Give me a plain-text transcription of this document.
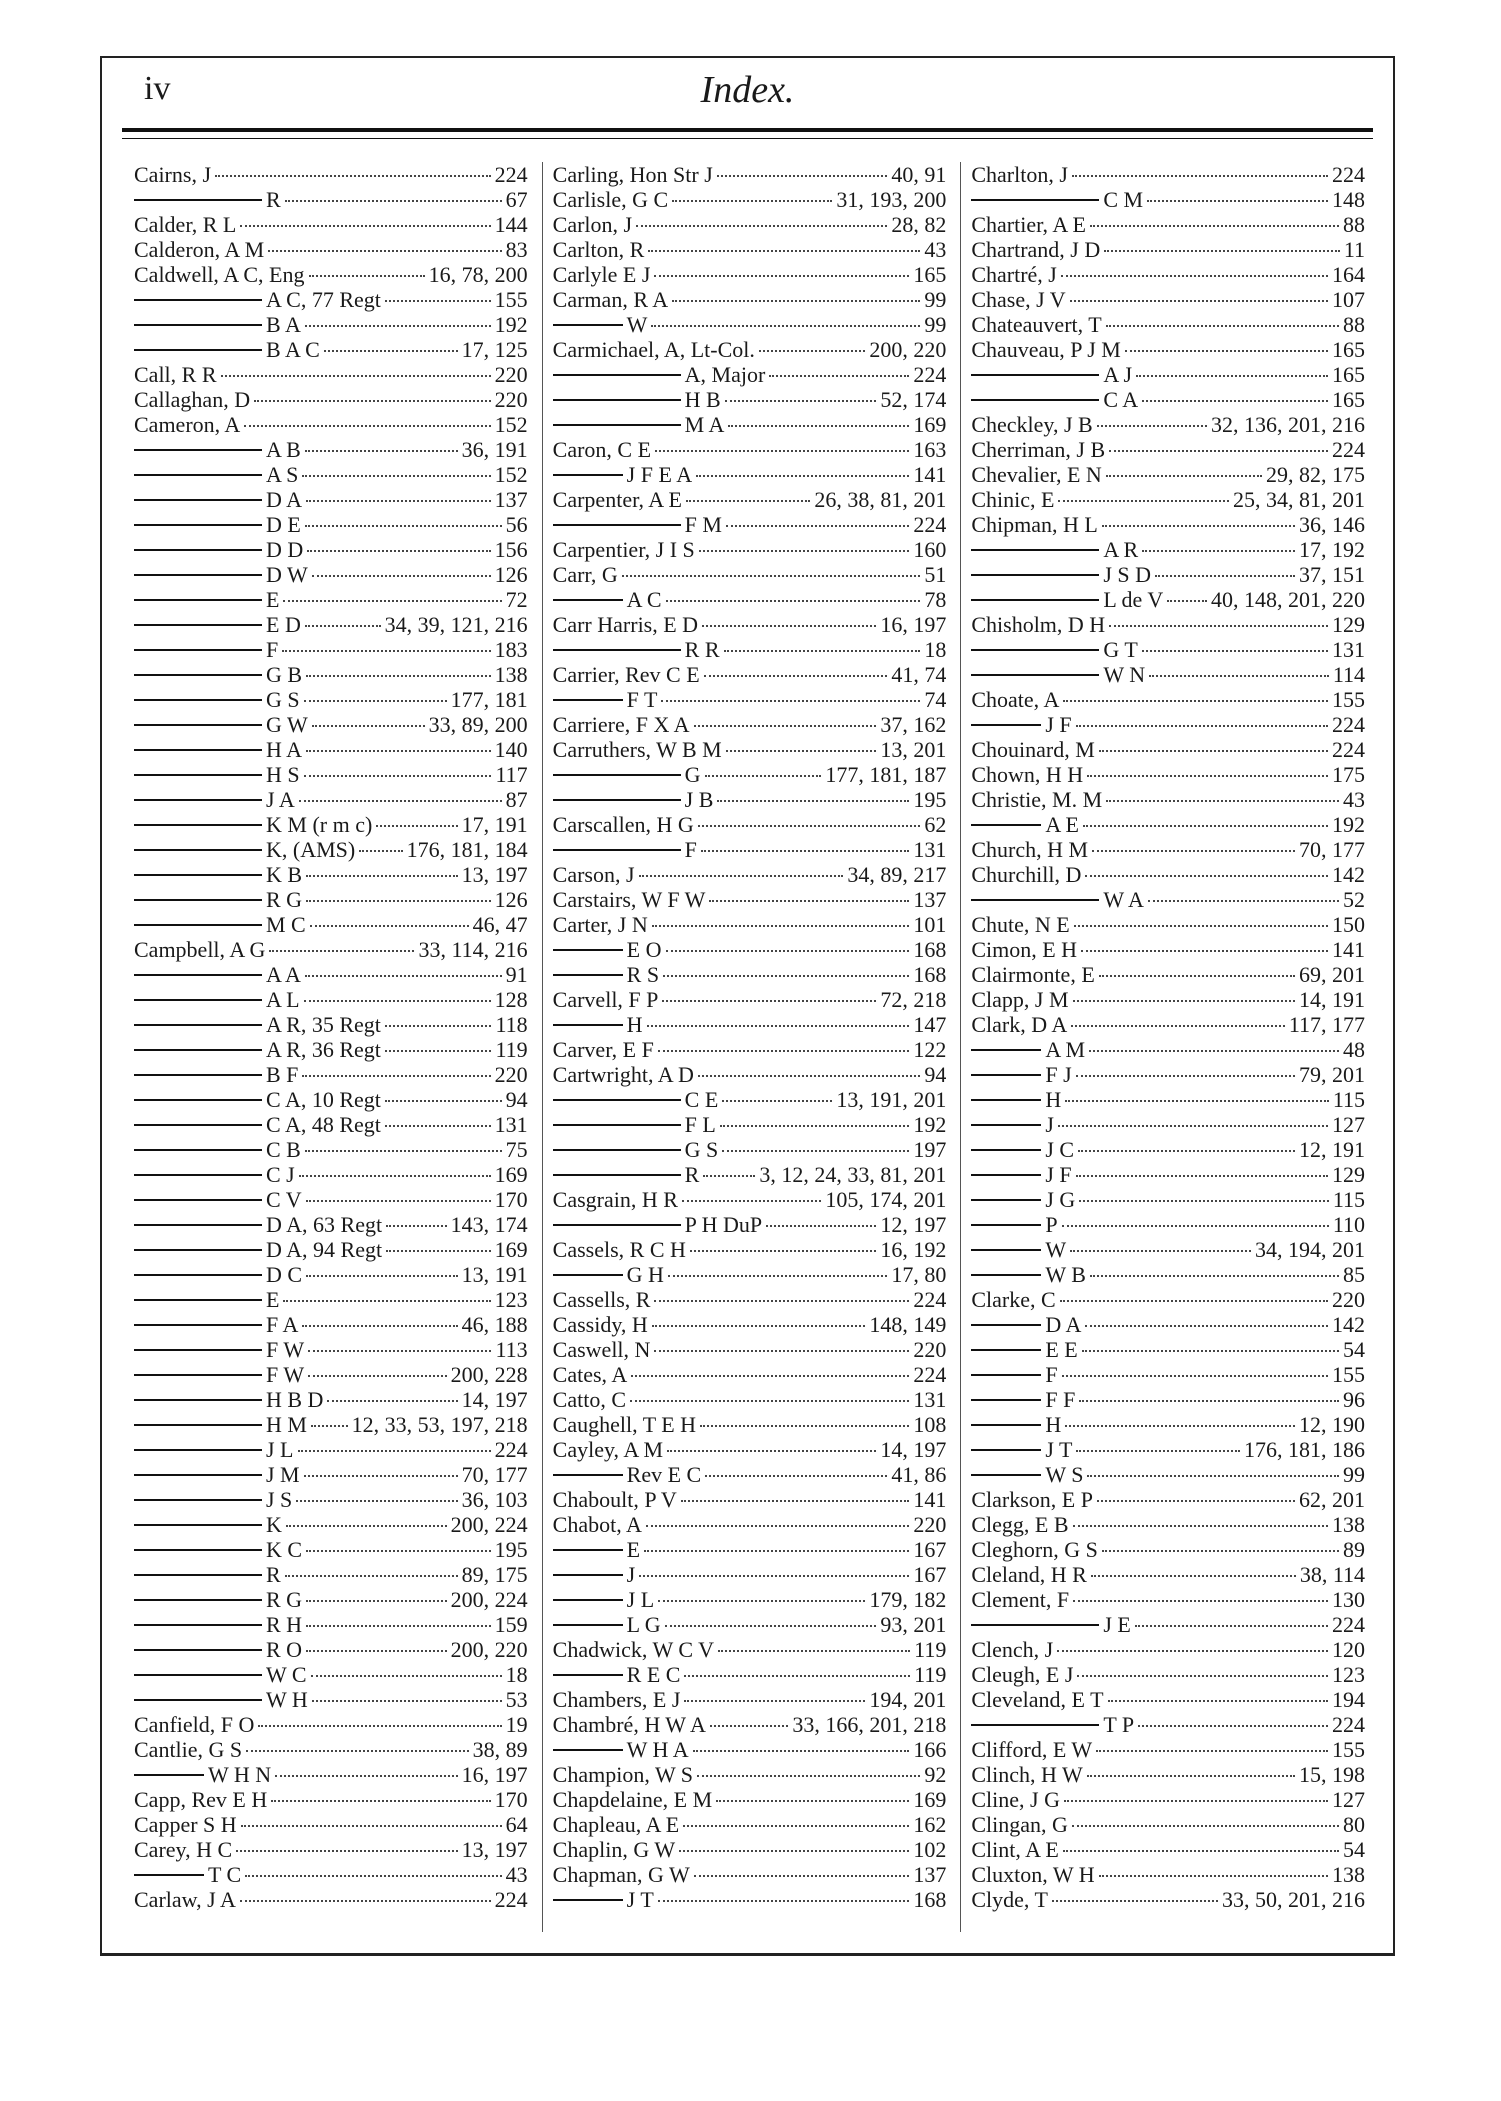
iv	Index.
Cairns, J	224
R	67
Calder, R L	144
Calderon, A M	83
Caldwell, A C, Eng	16, 78, 200
A C, 77 Regt	155
B A	192
B A C	17, 125
Call, R R	220
Callaghan, D	220
Cameron, A	152
A B	36, 191
A S	152
D A	137
D E	56
D D	156
D W	126
E	72
E D	34, 39, 121, 216
F	183
G B	138
G S	177, 181
G W	33, 89, 200
H A	140
H S	117
J A	87
K M (r m c)	17, 191
K, (AMS) 176, 181, 184
K B	13, 197
R G	126
M C	46, 47
Campbell, A G	33, 114, 216
A A	91
A L	128
A R, 35 Regt	118
A R, 36 Regt	119
B F	220
C A, 10 Regt	94
C A, 48 Regt	131
C B	75
C J	169
C V	170
D A, 63 Regt	143, 174
D A, 94 Regt	169
D C	13, 191
E	123
F A	46, 188
F W	113
F W	200, 228
H B D	14, 197
H M 12, 33, 53, 197, 218
J L	224
J M	70, 177
J S	36, 103
K	200, 224
K C	195
R	89, 175
R G	200, 224
R H	159
R O	200, 220
W C	18
W H	53
Canfield, F O	19
Cantlie, G S	38, 89
W H N	16, 197
Capp, Rev E H	170
Capper S H	64
Carey, H C	13, 197
T C	43
Carlaw, J A	224
Carling, Hon Str J	40, 91
Carlisle, G C	31, 193, 200
Carlon, J	28, 82
Carlton, R	43
Carlyle E J	165
Carman, R A	99
W	99
Carmichael, A, Lt-Col.	200, 220
A, Major	224
H B	52, 174
M A	169
Caron, C E	163
J F E A	141
Carpenter, A E	26, 38, 81, 201
F M	224
Carpentier, J I S	160
Carr, G	51
A C	78
Carr Harris, E D	16, 197
R R	18
Carrier, Rev C E	41, 74
F T	74
Carriere, F X A	37, 162
Carruthers, W B M	13, 201
G	177, 181, 187
J B	195
Carscallen, H G	62
F	131
Carson, J	34, 89, 217
Carstairs, W F W	137
Carter, J N	101
E O	168
R S	168
Carvell, F P	72, 218
H	147
Carver, E F	122
Cartwright, A D	94
C E	13, 191, 201
F L	192
G S	197
R	3, 12, 24, 33, 81, 201
Casgrain, H R	105, 174, 201
P H DuP	12, 197
Cassels, R C H	16, 192
G H	17, 80
Cassells, R	224
Cassidy, H	148, 149
Caswell, N	220
Cates, A	224
Catto, C	131
Caughell, T E H	108
Cayley, A M	14, 197
Rev E C	41, 86
Chaboult, P V	141
Chabot, A	220
E	167
J	167
J L	179, 182
L G	93, 201
Chadwick, W C V	119
R E C	119
Chambers, E J	194, 201
Chambré, H W A	33, 166, 201, 218
W H A	166
Champion, W S	92
Chapdelaine, E M	169
Chapleau, A E	162
Chaplin, G W	102
Chapman, G W	137
J T	168
Charlton, J	224
C M	148
Chartier, A E	88
Chartrand, J D	11
Chartré, J	164
Chase, J V	107
Chateauvert, T	88
Chauveau, P J M	165
A J	165
C A	165
Checkley, J B	32, 136, 201, 216
Cherriman, J B	224
Chevalier, E N	29, 82, 175
Chinic, E	25, 34, 81, 201
Chipman, H L	36, 146
A R	17, 192
J S D	37, 151
L de V 40, 148, 201, 220
Chisholm, D H	129
G T	131
W N	114
Choate, A	155
J F	224
Chouinard, M	224
Chown, H H	175
Christie, M. M	43
A E	192
Church, H M	70, 177
Churchill, D	142
W A	52
Chute, N E	150
Cimon, E H	141
Clairmonte, E	69, 201
Clapp, J M	14, 191
Clark, D A	117, 177
A M	48
F J	79, 201
H	115
J	127
J C	12, 191
J F	129
J G	115
P	110
W	34, 194, 201
W B	85
Clarke, C	220
D A	142
E E	54
F	155
F F	96
H	12, 190
J T	176, 181, 186
W S	99
Clarkson, E P	62, 201
Clegg, E B	138
Cleghorn, G S	89
Cleland, H R	38, 114
Clement, F	130
J E	224
Clench, J	120
Cleugh, E J	123
Cleveland, E T	194
T P	224
Clifford, E W	155
Clinch, H W	15, 198
Cline, J G	127
Clingan, G	80
Clint, A E	54
Cluxton, W H	138
Clyde, T	33, 50, 201, 216
